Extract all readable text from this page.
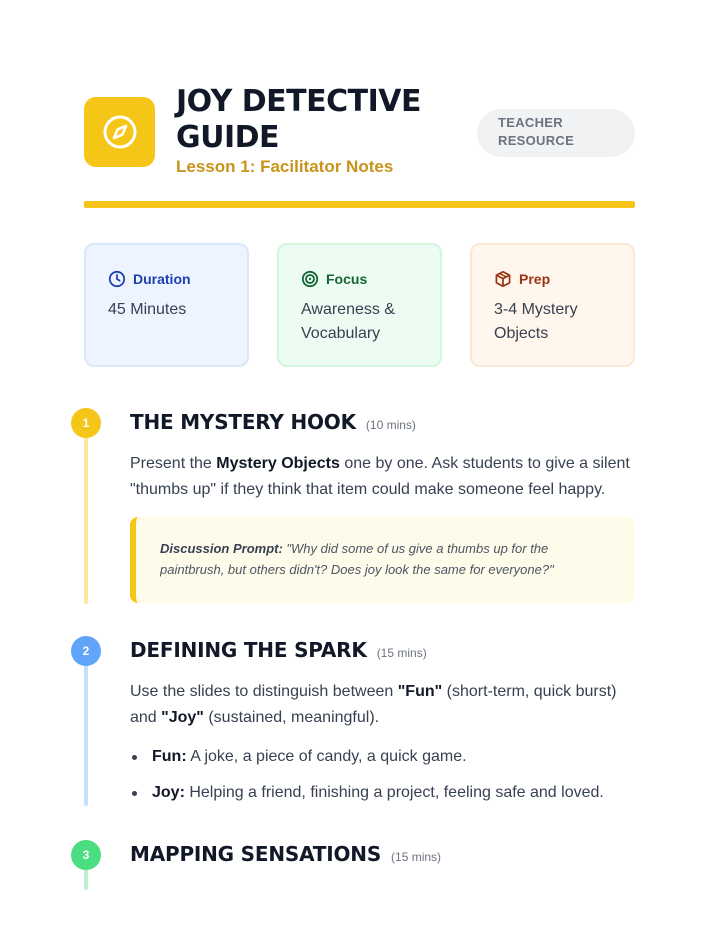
JOY DETECTIVE
GUIDE
Lesson 1: Facilitator Notes
TEACHER
RESOURCE
Duration
45 Minutes
Focus
Awareness &
Vocabulary
Prep
3-4 Mystery
Objects
1	THE MYSTERY HOOK (10 mins)

Present the Mystery Objects one by one. Ask students to give a silent "thumbs up" if they think that item could make someone feel happy.

Discussion Prompt: "Why did some of us give a thumbs up for the paintbrush, but others didn't? Does joy look the same for everyone?"
2	DEFINING THE SPARK (15 mins)

Use the slides to distinguish between "Fun" (short-term, quick burst) and "Joy" (sustained, meaningful).

Fun: A joke, a piece of candy, a quick game.
Joy: Helping a friend, finishing a project, feeling safe and loved.
3	MAPPING SENSATIONS (15 mins)
